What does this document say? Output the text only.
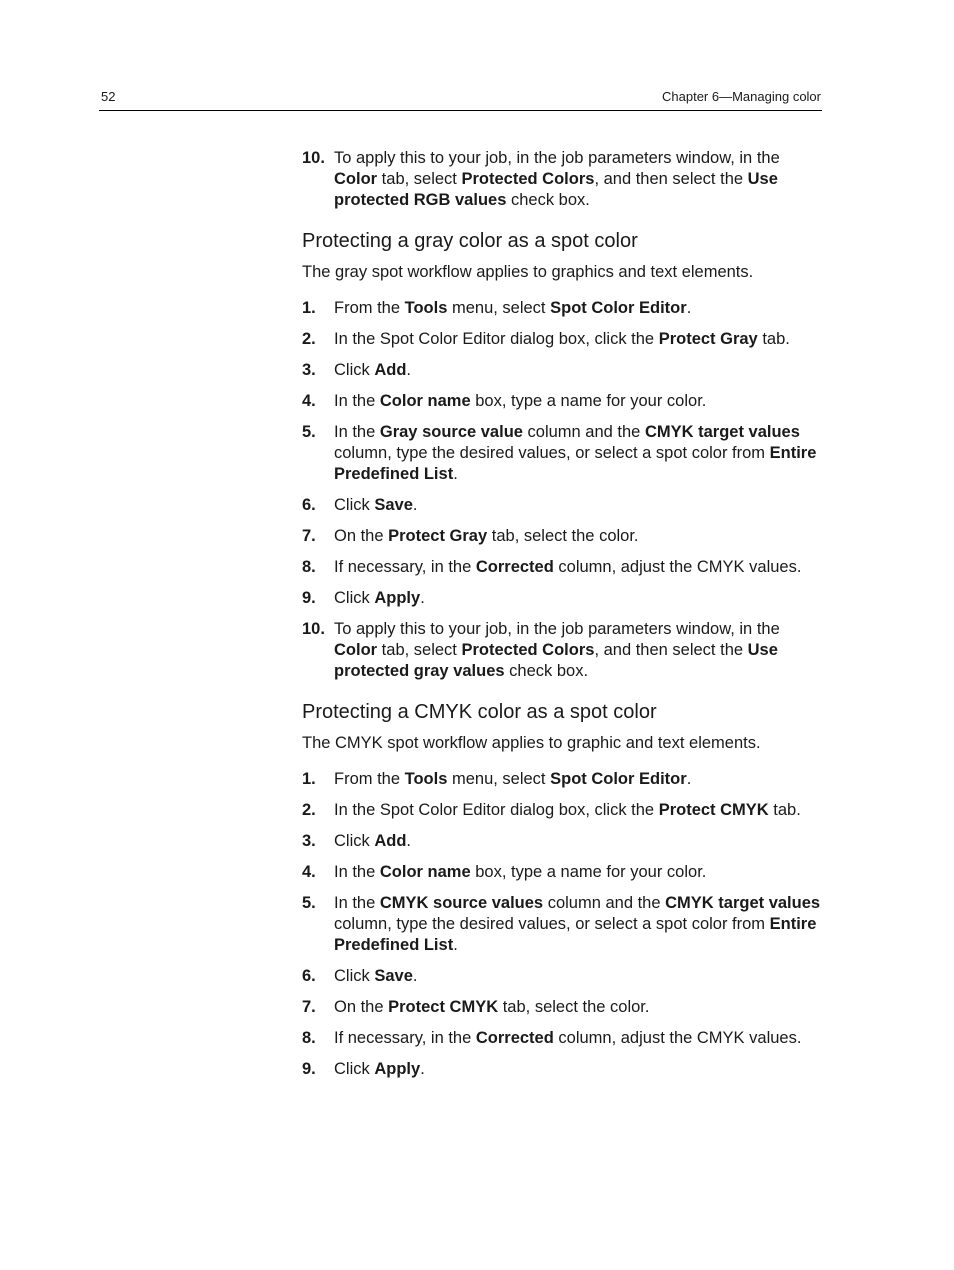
52	Chapter 6—Managing color
10. To apply this to your job, in the job parameters window, in the Color tab, select Protected Colors, and then select the Use protected RGB values check box.
Protecting a gray color as a spot color
The gray spot workflow applies to graphics and text elements.
1.	From the Tools menu, select Spot Color Editor.
2.	In the Spot Color Editor dialog box, click the Protect Gray tab.
3.	Click Add.
4.	In the Color name box, type a name for your color.
5.	In the Gray source value column and the CMYK target values column, type the desired values, or select a spot color from Entire Predefined List.
6.	Click Save.
7.	On the Protect Gray tab, select the color.
8.	If necessary, in the Corrected column, adjust the CMYK values.
9.	Click Apply.
10. To apply this to your job, in the job parameters window, in the Color tab, select Protected Colors, and then select the Use protected gray values check box.
Protecting a CMYK color as a spot color
The CMYK spot workflow applies to graphic and text elements.
1.	From the Tools menu, select Spot Color Editor.
2.	In the Spot Color Editor dialog box, click the Protect CMYK tab.
3.	Click Add.
4.	In the Color name box, type a name for your color.
5.	In the CMYK source values column and the CMYK target values column, type the desired values, or select a spot color from Entire Predefined List.
6.	Click Save.
7.	On the Protect CMYK tab, select the color.
8.	If necessary, in the Corrected column, adjust the CMYK values.
9.	Click Apply.
